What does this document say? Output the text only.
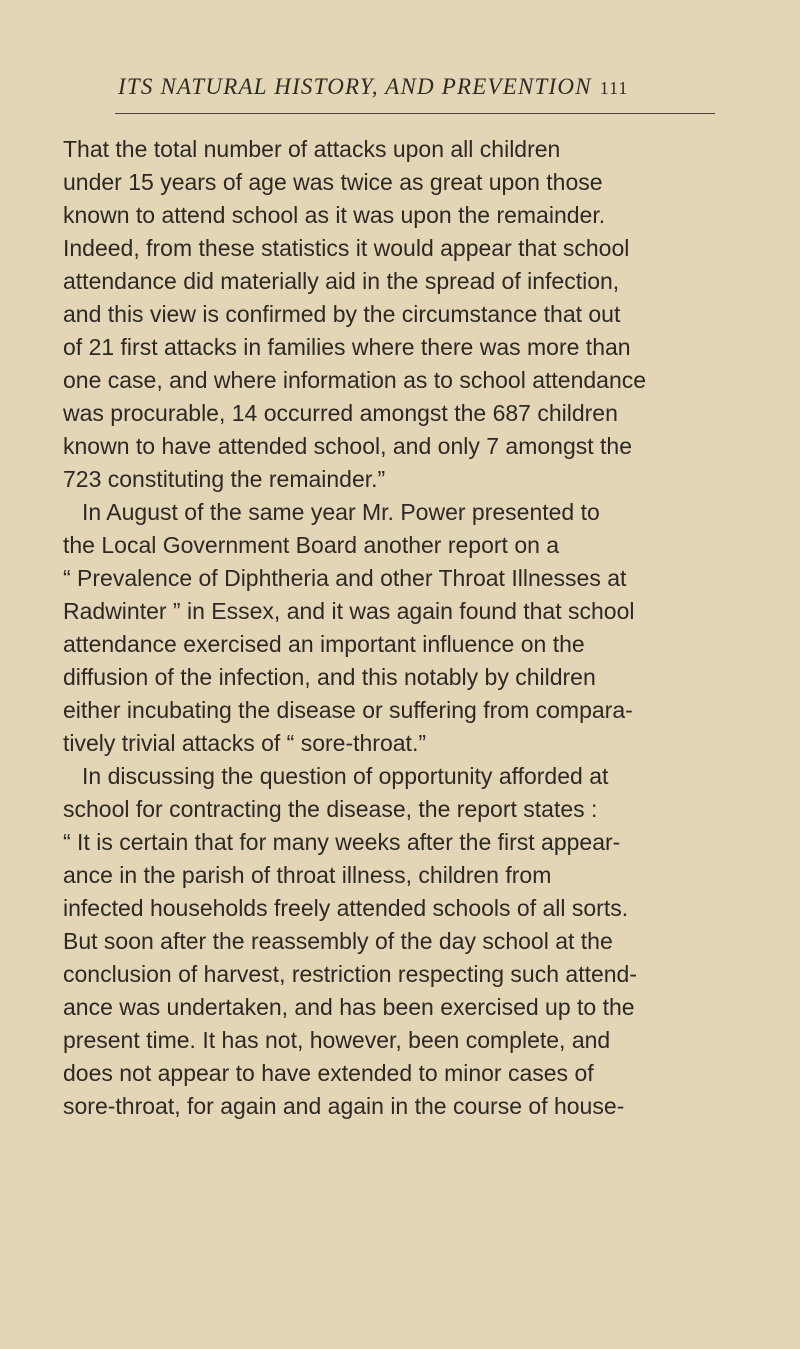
ITS NATURAL HISTORY, AND PREVENTION 111
That the total number of attacks upon all children
under 15 years of age was twice as great upon those
known to attend school as it was upon the remainder.
Indeed, from these statistics it would appear that school
attendance did materially aid in the spread of infection,
and this view is confirmed by the circumstance that out
of 21 first attacks in families where there was more than
one case, and where information as to school attendance
was procurable, 14 occurred amongst the 687 children
known to have attended school, and only 7 amongst the
723 constituting the remainder.”
In August of the same year Mr. Power presented to
the Local Government Board another report on a
“ Prevalence of Diphtheria and other Throat Illnesses at
Radwinter ” in Essex, and it was again found that school
attendance exercised an important influence on the
diffusion of the infection, and this notably by children
either incubating the disease or suffering from compara-
tively trivial attacks of “ sore-throat.”
In discussing the question of opportunity afforded at
school for contracting the disease, the report states :
“ It is certain that for many weeks after the first appear-
ance in the parish of throat illness, children from
infected households freely attended schools of all sorts.
But soon after the reassembly of the day school at the
conclusion of harvest, restriction respecting such attend-
ance was undertaken, and has been exercised up to the
present time. It has not, however, been complete, and
does not appear to have extended to minor cases of
sore-throat, for again and again in the course of house-
